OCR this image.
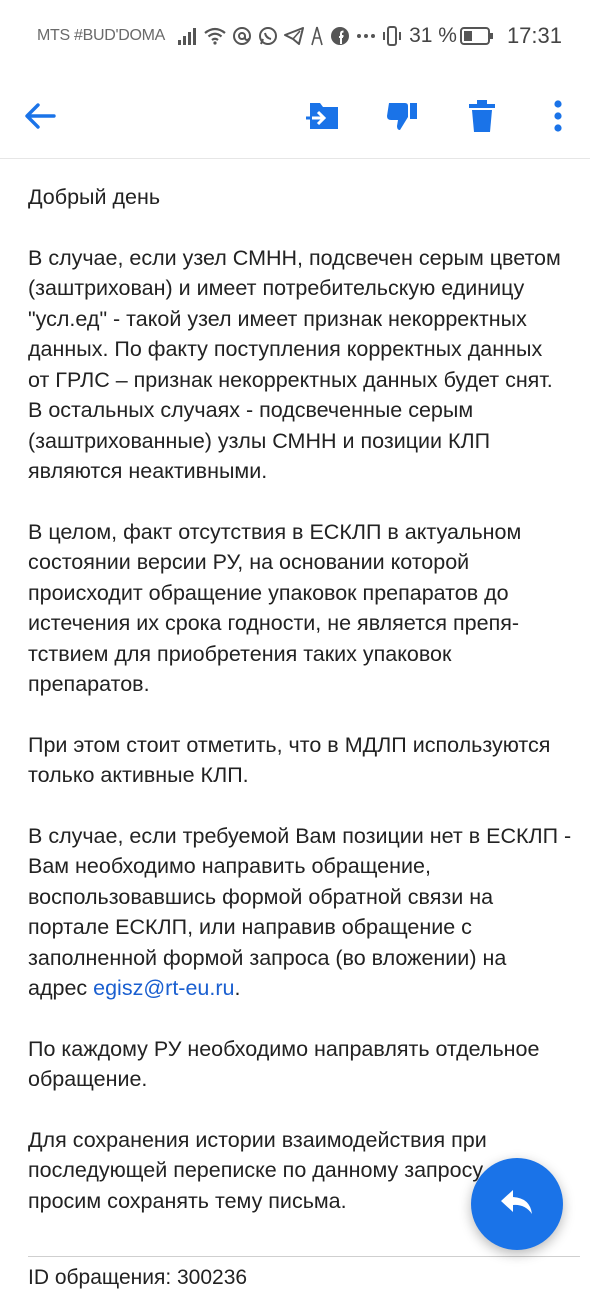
MTS #BUD'DOMA	31 % 17:31

Добрый день

В случае, если узел СМНН, подсвечен серым цветом
(заштрихован) и имеет потребительскую единицу
"усл.ед" - такой узел имеет признак некорректных
данных. По факту поступления корректных данных
от ГРЛС – признак некорректных данных будет снят.
В остальных случаях - подсвеченные серым
(заштрихованные) узлы СМНН и позиции КЛП
являются неактивными.

В целом, факт отсутствия в ЕСКЛП в актуальном
состоянии версии РУ, на основании которой
происходит обращение упаковок препаратов до
истечения их срока годности, не является препя-
тствием для приобретения таких упаковок
препаратов.

При этом стоит отметить, что в МДЛП используются
только активные КЛП.

В случае, если требуемой Вам позиции нет в ЕСКЛП -
Вам необходимо направить обращение,
воспользовавшись формой обратной связи на
портале ЕСКЛП, или направив обращение с
заполненной формой запроса (во вложении) на
адрес egisz@rt-eu.ru.

По каждому РУ необходимо направлять отдельное
обращение.

Для сохранения истории взаимодействия при
последующей переписке по данному запросу
просим сохранять тему письма.

ID обращения: 300236
